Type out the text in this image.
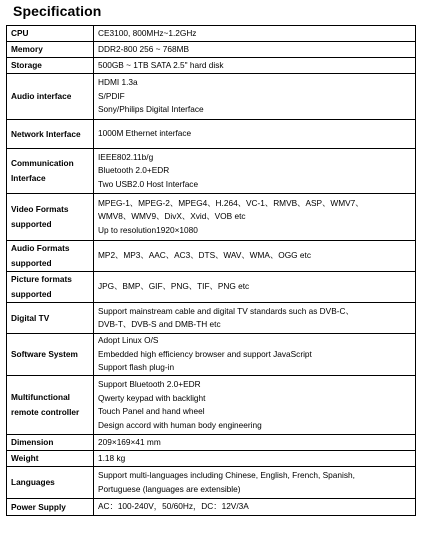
Specification
CPU	CE3100, 800MHz~1.2GHz

Memory	DDR2-800 256 ~ 768MB

Storage	500GB ~ 1TB SATA 2.5" hard disk

Audio interface	HDMI 1.3a
S/PDIF
Sony/Philips Digital Interface

Network Interface	1000M Ethernet interface

Communication Interface	IEEE802.11b/g
Bluetooth 2.0+EDR
Two USB2.0 Host Interface

Video Formats supported	MPEG-1、MPEG-2、MPEG4、H.264、VC-1、RMVB、ASP、WMV7、
WMV8、WMV9、DivX、Xvid、VOB etc
Up to resolution1920×1080

Audio Formats supported	MP2、MP3、AAC、AC3、DTS、WAV、WMA、OGG etc

Picture formats supported	JPG、BMP、GIF、PNG、TIF、PNG etc

Digital TV	Support mainstream cable and digital TV standards such as DVB-C、
DVB-T、DVB-S and DMB-TH etc

Software System	Adopt Linux O/S
Embedded high efficiency browser and support JavaScript
Support flash plug-in

Multifunctional remote controller	Support Bluetooth 2.0+EDR
Qwerty keypad with backlight
Touch Panel and hand wheel
Design accord with human body engineering

Dimension	209×169×41 mm

Weight	1.18 kg

Languages	Support multi-languages including Chinese, English, French, Spanish,
Portuguese (languages are extensible)

Power Supply	AC：100-240V，50/60Hz，DC：12V/3A
